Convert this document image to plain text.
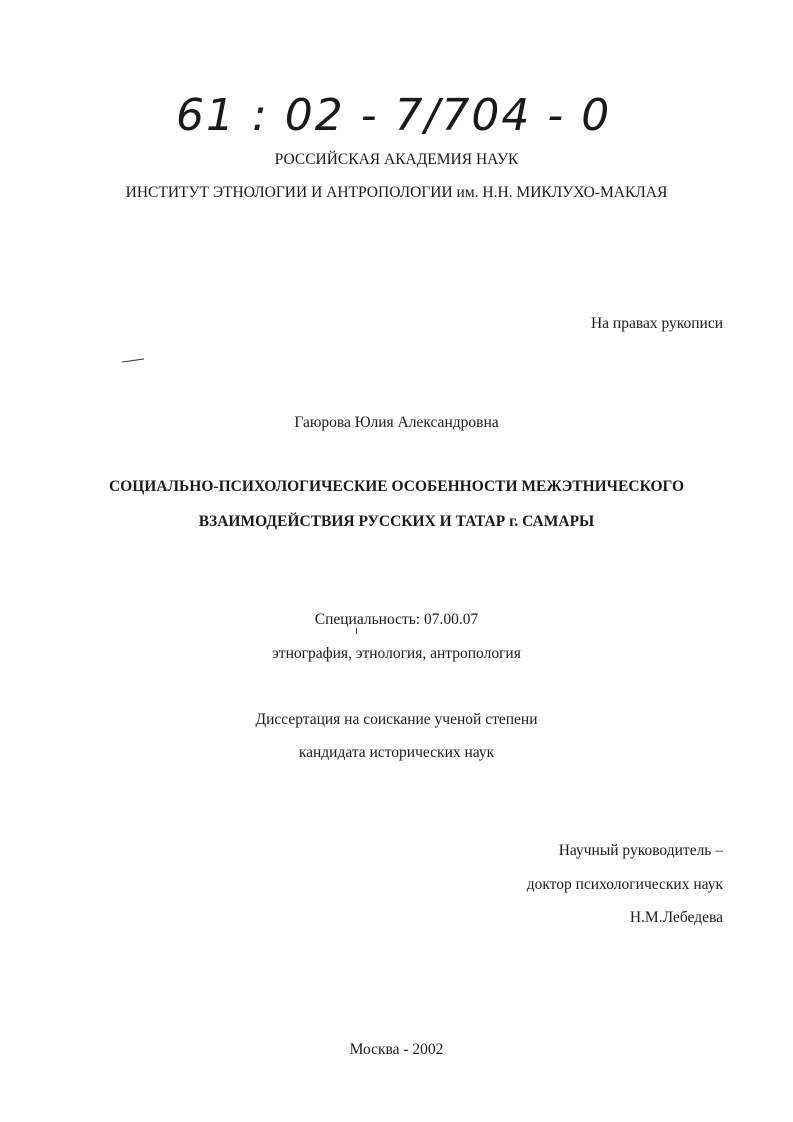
61 : 02 - 7/704 - 0
РОССИЙСКАЯ АКАДЕМИЯ НАУК
ИНСТИТУТ ЭТНОЛОГИИ И АНТРОПОЛОГИИ им. Н.Н. МИКЛУХО-МАКЛАЯ
На правах рукописи
Гаюрова Юлия Александровна
СОЦИАЛЬНО-ПСИХОЛОГИЧЕСКИЕ ОСОБЕННОСТИ МЕЖЭТНИЧЕСКОГО
ВЗАИМОДЕЙСТВИЯ РУССКИХ И ТАТАР г. САМАРЫ
Специальность: 07.00.07
этнография, этнология, антропология
Диссертация на соискание ученой степени
кандидата исторических наук
Научный руководитель –
доктор психологических наук
Н.М.Лебедева
Москва - 2002
